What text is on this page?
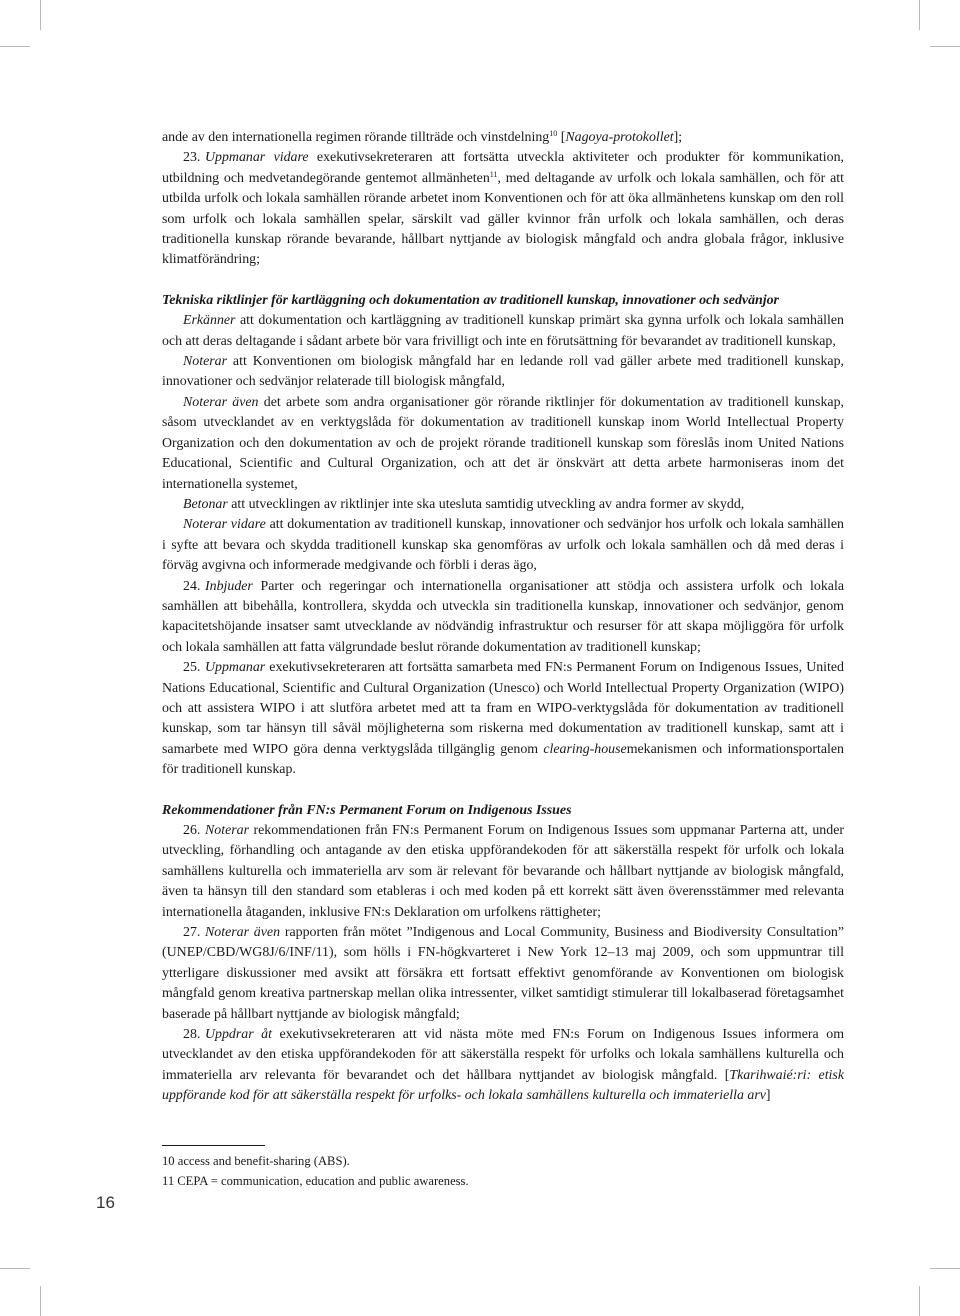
ande av den internationella regimen rörande tillträde och vinstdelning$^{10}$ [Nagoya-protokollet];

23. Uppmanar vidare exekutivsekreteraren att fortsätta utveckla aktiviteter och produkter för kommunikation, utbildning och medvetandegörande gentemot allmänheten$^{11}$, med deltagande av urfolk och lokala samhällen, och för att utbilda urfolk och lokala samhällen rörande arbetet inom Konventionen och för att öka allmänhetens kunskap om den roll som urfolk och lokala samhällen spelar, särskilt vad gäller kvinnor från urfolk och lokala samhällen, och deras traditionella kunskap rörande bevarande, hållbart nyttjande av biologisk mångfald och andra globala frågor, inklusive klimatförändring;

Tekniska riktlinjer för kartläggning och dokumentation av traditionell kunskap, innovationer och sedvänjor

Erkänner att dokumentation och kartläggning av traditionell kunskap primärt ska gynna urfolk och lokala samhällen och att deras deltagande i sådant arbete bör vara frivilligt och inte en förutsättning för bevarandet av traditionell kunskap,

Noterar att Konventionen om biologisk mångfald har en ledande roll vad gäller arbete med traditionell kunskap, innovationer och sedvänjor relaterade till biologisk mångfald,

Noterar även det arbete som andra organisationer gör rörande riktlinjer för dokumentation av traditionell kunskap, såsom utvecklandet av en verktygslåda för dokumentation av traditionell kunskap inom World Intellectual Property Organization och den dokumentation av och de projekt rörande traditionell kunskap som föreslås inom United Nations Educational, Scientific and Cultural Organization, och att det är önskvärt att detta arbete harmoniseras inom det internationella systemet,

Betonar att utvecklingen av riktlinjer inte ska utesluta samtidig utveckling av andra former av skydd,

Noterar vidare att dokumentation av traditionell kunskap, innovationer och sedvänjor hos urfolk och lokala samhällen i syfte att bevara och skydda traditionell kunskap ska genomföras av urfolk och lokala samhällen och då med deras i förväg avgivna och informerade medgivande och förbli i deras ägo,

24. Inbjuder Parter och regeringar och internationella organisationer att stödja och assistera urfolk och lokala samhällen att bibehålla, kontrollera, skydda och utveckla sin traditionella kunskap, innovationer och sedvänjor, genom kapacitetshöjande insatser samt utvecklande av nödvändig infrastruktur och resurser för att skapa möjliggöra för urfolk och lokala samhällen att fatta välgrundade beslut rörande dokumentation av traditionell kunskap;

25. Uppmanar exekutivsekreteraren att fortsätta samarbeta med FN:s Permanent Forum on Indigenous Issues, United Nations Educational, Scientific and Cultural Organization (Unesco) och World Intellectual Property Organization (WIPO) och att assistera WIPO i att slutföra arbetet med att ta fram en WIPO-verktygslåda för dokumentation av traditionell kunskap, som tar hänsyn till såväl möjligheterna som riskerna med dokumentation av traditionell kunskap, samt att i samarbete med WIPO göra denna verktygslåda tillgänglig genom clearing-housemekanismen och informationsportalen för traditionell kunskap.

Rekommendationer från FN:s Permanent Forum on Indigenous Issues

26. Noterar rekommendationen från FN:s Permanent Forum on Indigenous Issues som uppmanar Parterna att, under utveckling, förhandling och antagande av den etiska uppförandekoden för att säkerställa respekt för urfolk och lokala samhällens kulturella och immateriella arv som är relevant för bevarande och hållbart nyttjande av biologisk mångfald, även ta hänsyn till den standard som etableras i och med koden på ett korrekt sätt även överensstämmer med relevanta internationella åtaganden, inklusive FN:s Deklaration om urfolkens rättigheter;

27. Noterar även rapporten från mötet ”Indigenous and Local Community, Business and Biodiversity Consultation” (UNEP/CBD/WG8J/6/INF/11), som hölls i FN-högkvarteret i New York 12–13 maj 2009, och som uppmuntrar till ytterligare diskussioner med avsikt att försäkra ett fortsatt effektivt genomförande av Konventionen om biologisk mångfald genom kreativa partnerskap mellan olika intressenter, vilket samtidigt stimulerar till lokalbaserad företagsamhet baserade på hållbart nyttjande av biologisk mångfald;

28. Uppdrar åt exekutivsekreteraren att vid nästa möte med FN:s Forum on Indigenous Issues informera om utvecklandet av den etiska uppförandekoden för att säkerställa respekt för urfolks och lokala samhällens kulturella och immateriella arv relevanta för bevarandet och det hållbara nyttjandet av biologisk mångfald. [Tkarihwaié:ri: etisk uppförande kod för att säkerställa respekt för urfolks- och lokala samhällens kulturella och immateriella arv]

10 access and benefit-sharing (ABS).

11 CEPA = communication, education and public awareness.

16
